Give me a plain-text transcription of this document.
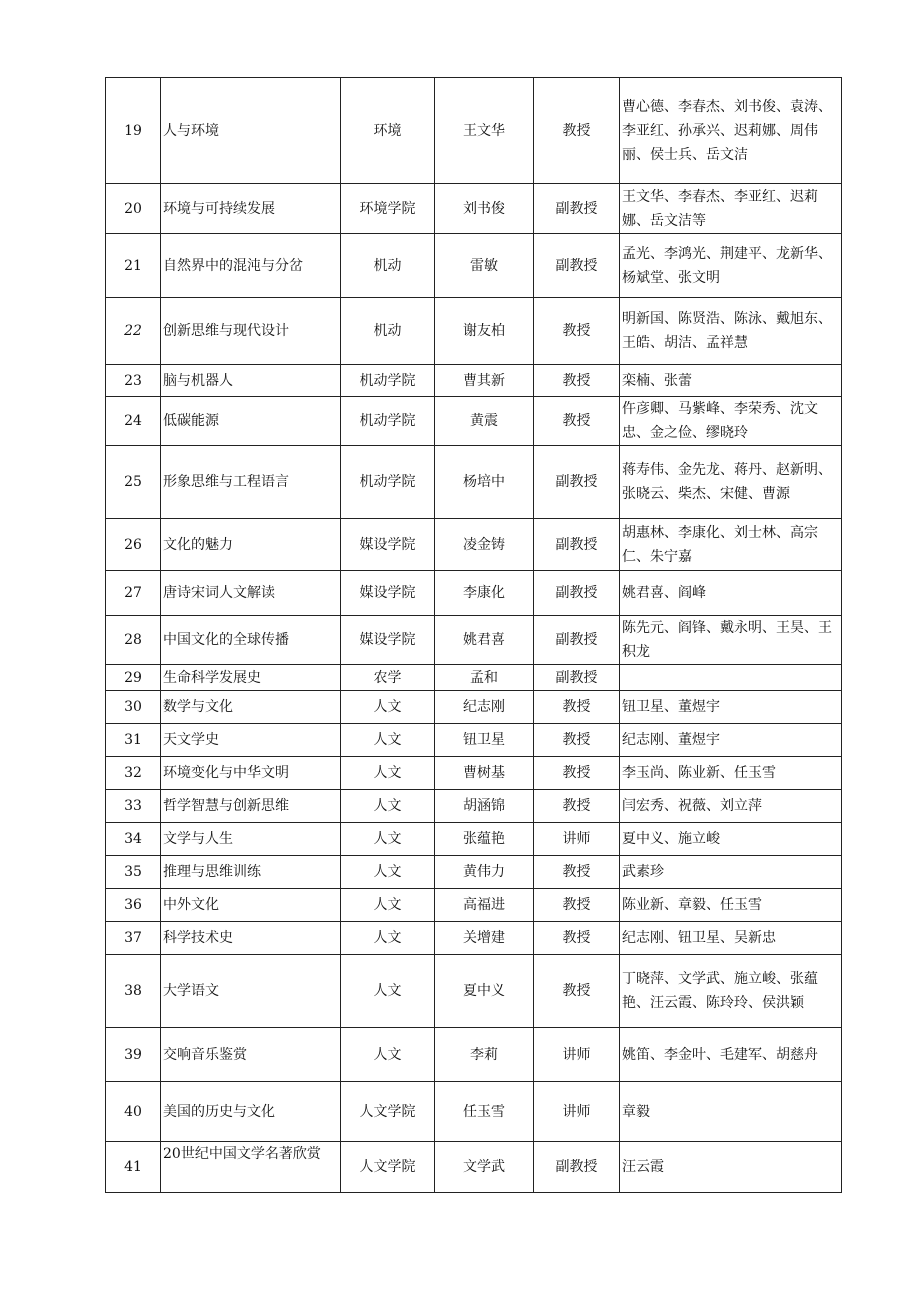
19	人与环境	环境	王文华	教授	曹心德、李春杰、刘书俊、袁涛、李亚红、孙承兴、迟莉娜、周伟丽、侯士兵、岳文洁
20	环境与可持续发展	环境学院	刘书俊	副教授	王文华、李春杰、李亚红、迟莉娜、岳文洁等
21	自然界中的混沌与分岔	机动	雷敏	副教授	孟光、李鸿光、荆建平、龙新华、杨斌堂、张文明
22	创新思维与现代设计	机动	谢友柏	教授	明新国、陈贤浩、陈泳、戴旭东、王皓、胡洁、孟祥慧
23	脑与机器人	机动学院	曹其新	教授	栾楠、张蕾
24	低碳能源	机动学院	黄震	教授	仵彦卿、马紫峰、李荣秀、沈文忠、金之俭、缪晓玲
25	形象思维与工程语言	机动学院	杨培中	副教授	蒋寿伟、金先龙、蒋丹、赵新明、张晓云、柴杰、宋健、曹源
26	文化的魅力	媒设学院	凌金铸	副教授	胡惠林、李康化、刘士林、高宗仁、朱宁嘉
27	唐诗宋词人文解读	媒设学院	李康化	副教授	姚君喜、阎峰
28	中国文化的全球传播	媒设学院	姚君喜	副教授	陈先元、阎锋、戴永明、王昊、王积龙
29	生命科学发展史	农学	孟和	副教授	
30	数学与文化	人文	纪志刚	教授	钮卫星、董煜宇
31	天文学史	人文	钮卫星	教授	纪志刚、董煜宇
32	环境变化与中华文明	人文	曹树基	教授	李玉尚、陈业新、任玉雪
33	哲学智慧与创新思维	人文	胡涵锦	教授	闫宏秀、祝薇、刘立萍
34	文学与人生	人文	张蕴艳	讲师	夏中义、施立峻
35	推理与思维训练	人文	黄伟力	教授	武素珍
36	中外文化	人文	高福进	教授	陈业新、章毅、任玉雪
37	科学技术史	人文	关增建	教授	纪志刚、钮卫星、吴新忠
38	大学语文	人文	夏中义	教授	丁晓萍、文学武、施立峻、张蕴艳、汪云霞、陈玲玲、侯洪颖
39	交响音乐鉴赏	人文	李莉	讲师	姚笛、李金叶、毛建军、胡慈舟
40	美国的历史与文化	人文学院	任玉雪	讲师	章毅
41	20世纪中国文学名著欣赏	人文学院	文学武	副教授	汪云霞
